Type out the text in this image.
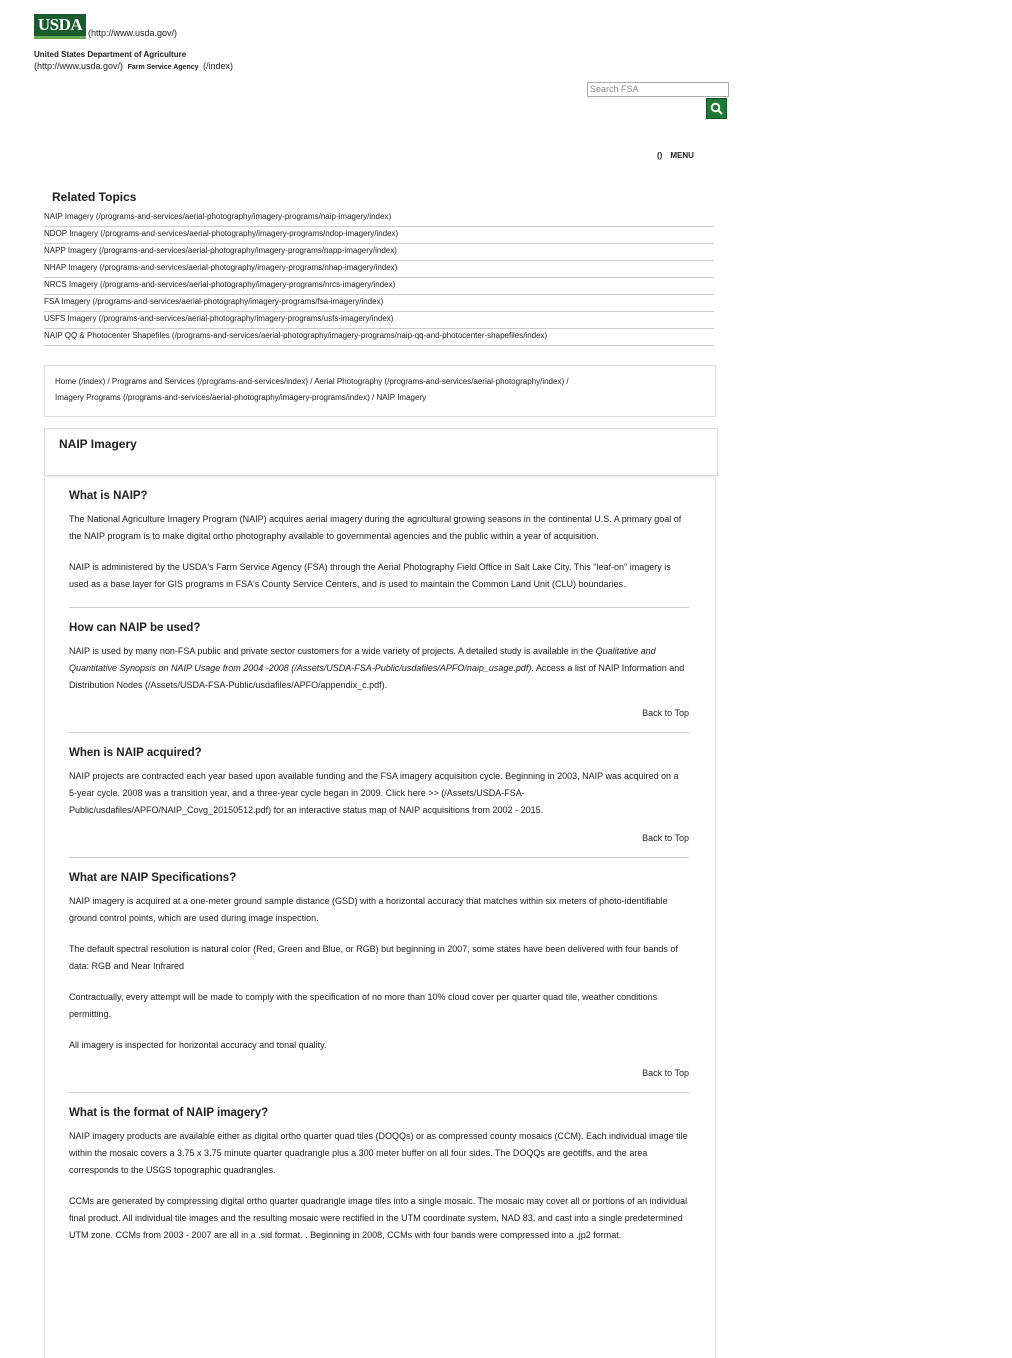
USDA (http://www.usda.gov/)
United States Department of Agriculture
(http://www.usda.gov/) Farm Service Agency (/index)
Search FSA
() MENU
Related Topics
NAIP Imagery (/programs-and-services/aerial-photography/imagery-programs/naip-imagery/index)
NDOP Imagery (/programs-and-services/aerial-photography/imagery-programs/ndop-imagery/index)
NAPP Imagery (/programs-and-services/aerial-photography/imagery-programs/napp-imagery/index)
NHAP Imagery (/programs-and-services/aerial-photography/imagery-programs/nhap-imagery/index)
NRCS Imagery (/programs-and-services/aerial-photography/imagery-programs/nrcs-imagery/index)
FSA Imagery (/programs-and-services/aerial-photography/imagery-programs/fsa-imagery/index)
USFS Imagery (/programs-and-services/aerial-photography/imagery-programs/usfs-imagery/index)
NAIP QQ & Photocenter Shapefiles (/programs-and-services/aerial-photography/imagery-programs/naip-qq-and-photocenter-shapefiles/index)
Home (/index) / Programs and Services (/programs-and-services/index) / Aerial Photography (/programs-and-services/aerial-photography/index) /
Imagery Programs (/programs-and-services/aerial-photography/imagery-programs/index) / NAIP Imagery
NAIP Imagery
What is NAIP?

The National Agriculture Imagery Program (NAIP) acquires aerial imagery during the agricultural growing seasons in the continental U.S. A primary goal of the NAIP program is to make digital ortho photography available to governmental agencies and the public within a year of acquisition.

NAIP is administered by the USDA's Farm Service Agency (FSA) through the Aerial Photography Field Office in Salt Lake City. This "leaf-on" imagery is used as a base layer for GIS programs in FSA's County Service Centers, and is used to maintain the Common Land Unit (CLU) boundaries.

How can NAIP be used?

NAIP is used by many non-FSA public and private sector customers for a wide variety of projects. A detailed study is available in the Qualitative and Quantitative Synopsis on NAIP Usage from 2004 -2008 (/Assets/USDA-FSA-Public/usdafiles/APFO/naip_usage.pdf). Access a list of NAIP Information and Distribution Nodes (/Assets/USDA-FSA-Public/usdafiles/APFO/appendix_c.pdf).

Back to Top
When is NAIP acquired?

NAIP projects are contracted each year based upon available funding and the FSA imagery acquisition cycle. Beginning in 2003, NAIP was acquired on a 5-year cycle. 2008 was a transition year, and a three-year cycle began in 2009. Click here >> (/Assets/USDA-FSA-Public/usdafiles/APFO/NAIP_Covg_20150512.pdf) for an interactive status map of NAIP acquisitions from 2002 - 2015.

Back to Top
What are NAIP Specifications?

NAIP imagery is acquired at a one-meter ground sample distance (GSD) with a horizontal accuracy that matches within six meters of photo-identifiable ground control points, which are used during image inspection.

The default spectral resolution is natural color (Red, Green and Blue, or RGB) but beginning in 2007, some states have been delivered with four bands of data: RGB and Near Infrared

Contractually, every attempt will be made to comply with the specification of no more than 10% cloud cover per quarter quad tile, weather conditions permitting.

All imagery is inspected for horizontal accuracy and tonal quality.

Back to Top
What is the format of NAIP imagery?

NAIP imagery products are available either as digital ortho quarter quad tiles (DOQQs) or as compressed county mosaics (CCM). Each individual image tile within the mosaic covers a 3.75 x 3.75 minute quarter quadrangle plus a 300 meter buffer on all four sides. The DOQQs are geotiffs, and the area corresponds to the USGS topographic quadrangles.

CCMs are generated by compressing digital ortho quarter quadrangle image tiles into a single mosaic. The mosaic may cover all or portions of an individual final product. All individual tile images and the resulting mosaic were rectified in the UTM coordinate system, NAD 83, and cast into a single predetermined UTM zone. CCMs from 2003 - 2007 are all in a .sid format. . Beginning in 2008, CCMs with four bands were compressed into a .jp2 format.
